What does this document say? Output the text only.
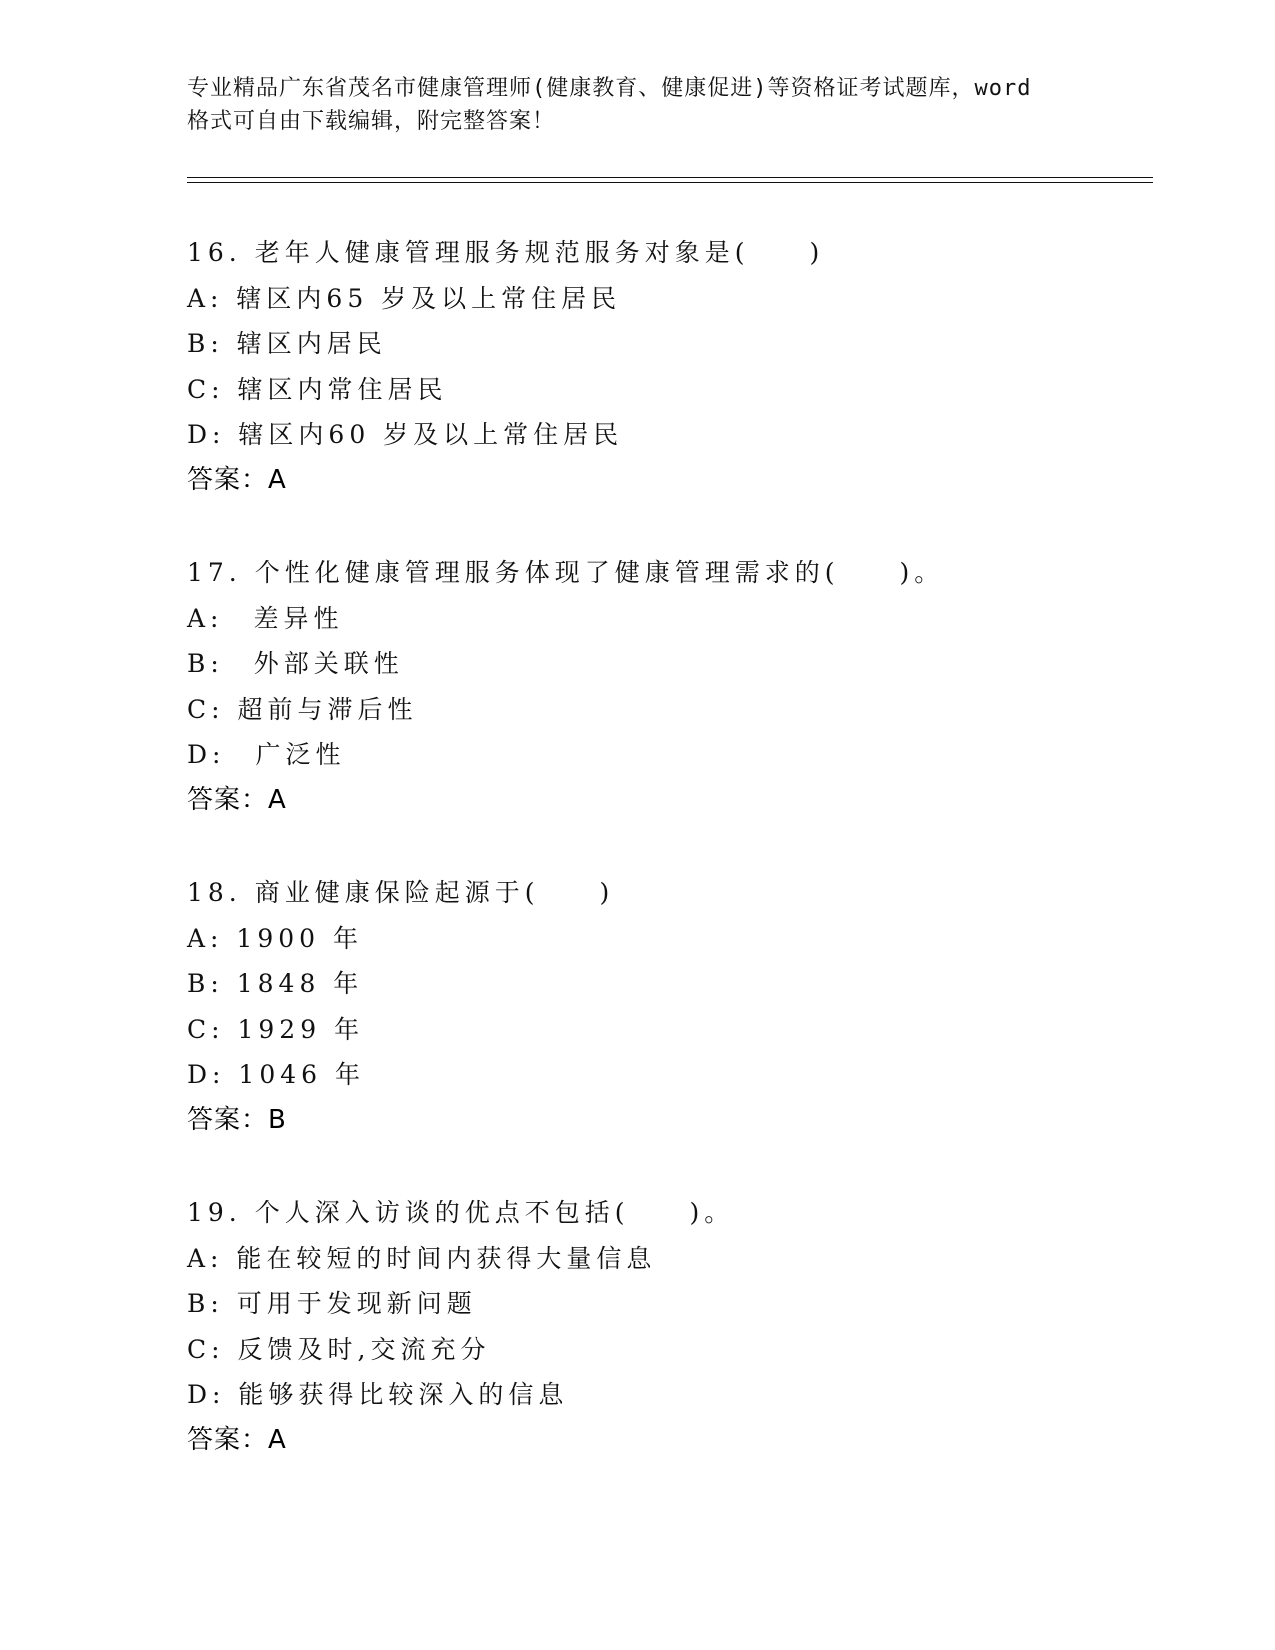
专业精品广东省茂名市健康管理师(健康教育、健康促进)等资格证考试题库，word
格式可自由下载编辑，附完整答案！
16. 老年人健康管理服务规范服务对象是(　　)
A: 辖区内65 岁及以上常住居民
B: 辖区内居民
C: 辖区内常住居民
D: 辖区内60 岁及以上常住居民
答案：A
17. 个性化健康管理服务体现了健康管理需求的(　　)。
A:　差异性
B:　外部关联性
C: 超前与滞后性
D:　广泛性
答案：A
18. 商业健康保险起源于(　　)
A: 1900 年
B: 1848 年
C: 1929 年
D: 1046 年
答案：B
19. 个人深入访谈的优点不包括(　　)。
A: 能在较短的时间内获得大量信息
B: 可用于发现新问题
C: 反馈及时,交流充分
D: 能够获得比较深入的信息
答案：A
